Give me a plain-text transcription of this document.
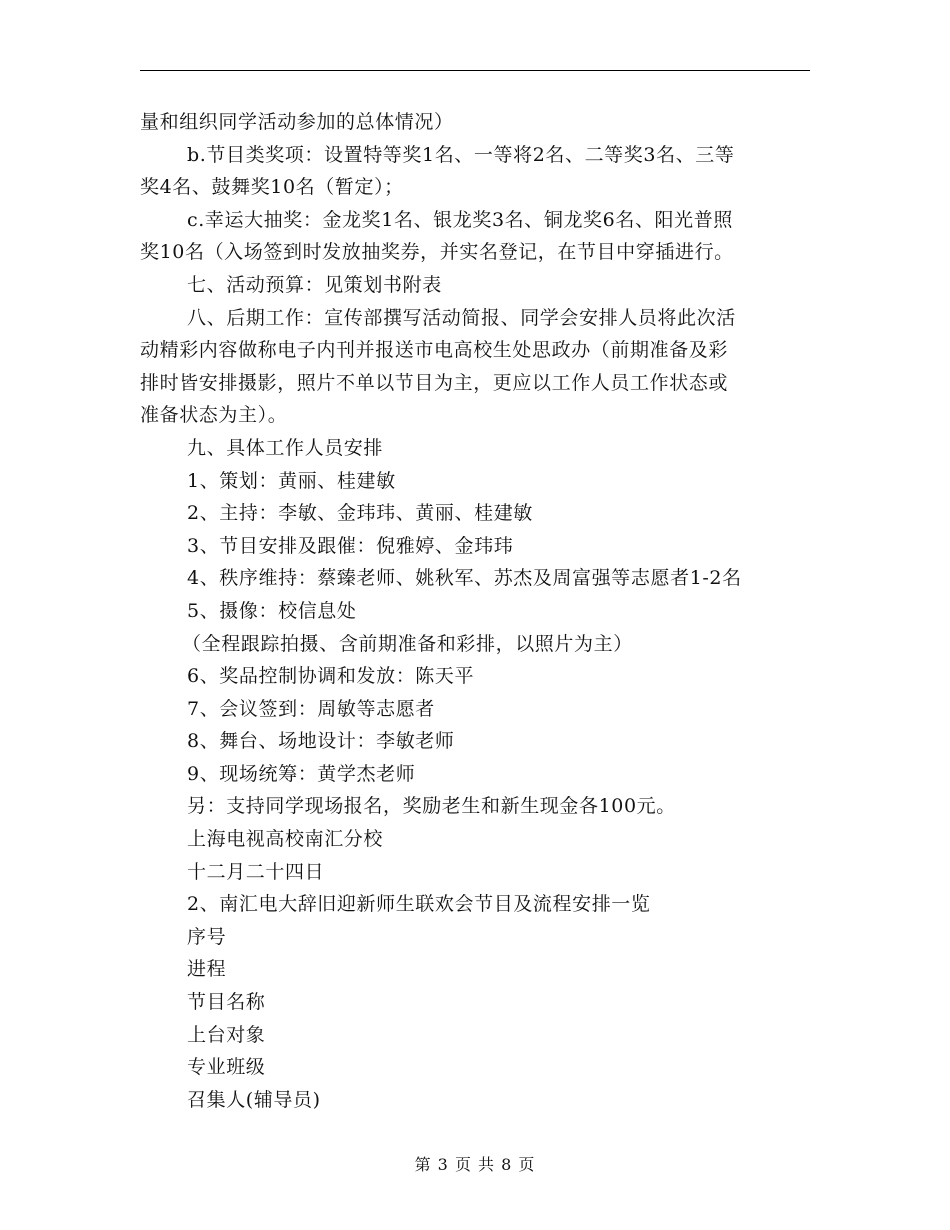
量和组织同学活动参加的总体情况）
b.节目类奖项：设置特等奖1名、一等将2名、二等奖3名、三等
奖4名、鼓舞奖10名（暂定）；
c.幸运大抽奖：金龙奖1名、银龙奖3名、铜龙奖6名、阳光普照
奖10名（入场签到时发放抽奖券，并实名登记，在节目中穿插进行。
七、活动预算：见策划书附表
八、后期工作：宣传部撰写活动简报、同学会安排人员将此次活
动精彩内容做称电子内刊并报送市电高校生处思政办（前期准备及彩
排时皆安排摄影，照片不单以节目为主，更应以工作人员工作状态或
准备状态为主）。
九、具体工作人员安排
1、策划：黄丽、桂建敏
2、主持：李敏、金玮玮、黄丽、桂建敏
3、节目安排及跟催：倪雅婷、金玮玮
4、秩序维持：蔡臻老师、姚秋军、苏杰及周富强等志愿者1-2名
5、摄像：校信息处
（全程跟踪拍摄、含前期准备和彩排，以照片为主）
6、奖品控制协调和发放：陈天平
7、会议签到：周敏等志愿者
8、舞台、场地设计：李敏老师
9、现场统筹：黄学杰老师
另：支持同学现场报名，奖励老生和新生现金各100元。
上海电视高校南汇分校
十二月二十四日
2、南汇电大辞旧迎新师生联欢会节目及流程安排一览
序号
进程
节目名称
上台对象
专业班级
召集人(辅导员)
第 3 页 共 8 页
